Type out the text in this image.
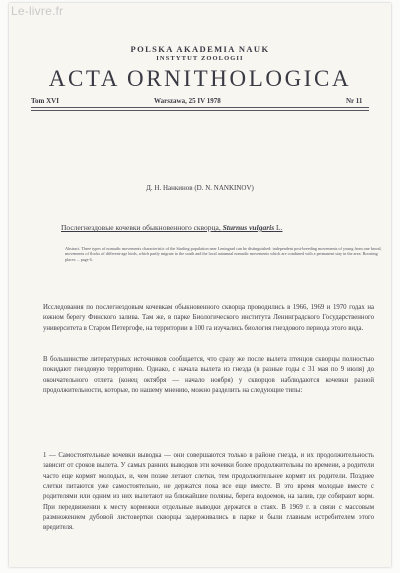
Le-livre.fr
POLSKA AKADEMIA NAUK
INSTYTUT ZOOLOGII
ACTA ORNITHOLOGICA
Tom XVI	Warszawa, 25 IV 1978	Nr 11
Д. Н. Нанкинов (D. N. NANKINOV)
Послегнездовые кочевки обыкновенного скворца, Sturnus vulgaris L.
Abstract. Three types of nomadic movements characteristic of the Starling population near Leningrad can be distinguished: independent post-breeding movements of young from one brood, movements of flocks of different-age birds, which partly migrate to the south and the local autumnal nomadic movements which are combined with a permanent stay in the area. Roosting places ... page 6.
Исследования по послегнездовым кочевкам обыкновенного скворца проводились в 1966, 1969 и 1970 годах на южном берегу Финского залива. Там же, в парке Биологического института Ленинградского Государственного университета в Старом Петергофе, на территории в 100 га изучались биология гнездового периода этого вида.
В большинстве литературных источников сообщается, что сразу же после вылета птенцов скворцы полностью покидают гнездовую территорию. Однако, с начала вылета из гнезда (в разные годы с 31 мая по 9 июля) до окончательного отлета (конец октября — начало ноября) у скворцов наблюдаются кочевки разной продолжительности, которые, по нашему мнению, можно разделить на следующие типы:
1 — Самостоятельные кочевки выводка — они совершаются только в районе гнезда, и их продолжительность зависит от сроков вылета. У самых ранних выводков эти кочевки более продолжительны по времени, а родители часто еще кормят молодых, и, чем позже летают слетки, тем продолжительнее кормят их родители. Позднее слетки питаются уже самостоятельно, не держатся пока все еще вместе. В это время молодые вместе с родителями или одним из них вылетают на ближайшие поляны, берега водоемов, на залив, где собирают корм. При передвижении к месту кормежки отдельные выводки держатся в стаях. В 1969 г. в связи с массовым размножением дубовой листовертки скворцы задерживались в парке и были главным истребителем этого вредителя.
